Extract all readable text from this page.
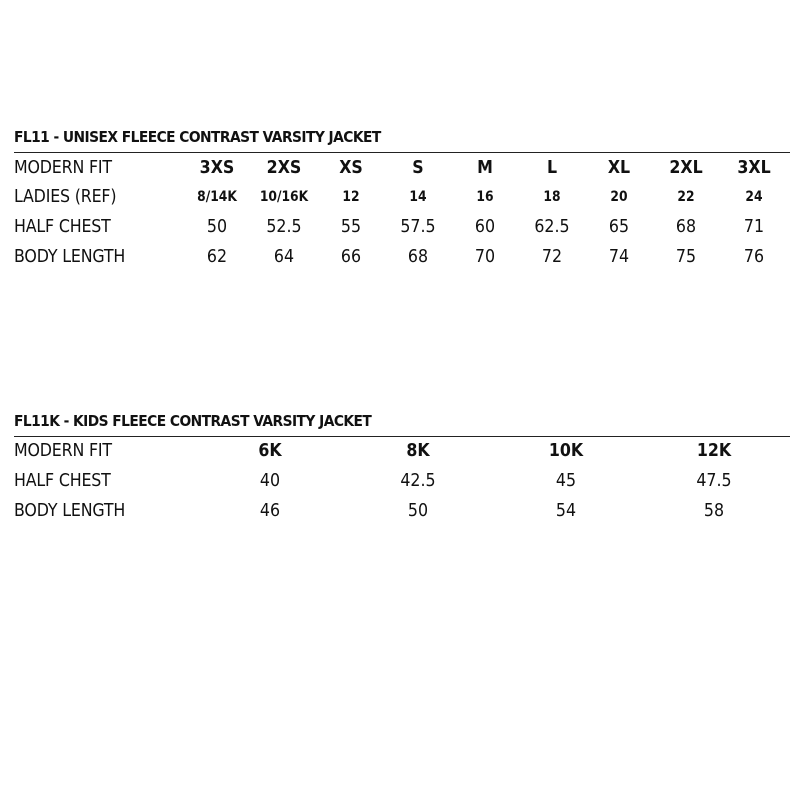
FL11 - UNISEX FLEECE CONTRAST VARSITY JACKET
MODERN FIT	3XS	2XS	XS	S	M	L	XL	2XL	3XL
LADIES (REF)	8/14K	10/16K	12	14	16	18	20	22	24
HALF CHEST	50	52.5	55	57.5	60	62.5	65	68	71
BODY LENGTH	62	64	66	68	70	72	74	75	76
FL11K - KIDS FLEECE CONTRAST VARSITY JACKET
MODERN FIT	6K	8K	10K	12K
HALF CHEST	40	42.5	45	47.5
BODY LENGTH	46	50	54	58
